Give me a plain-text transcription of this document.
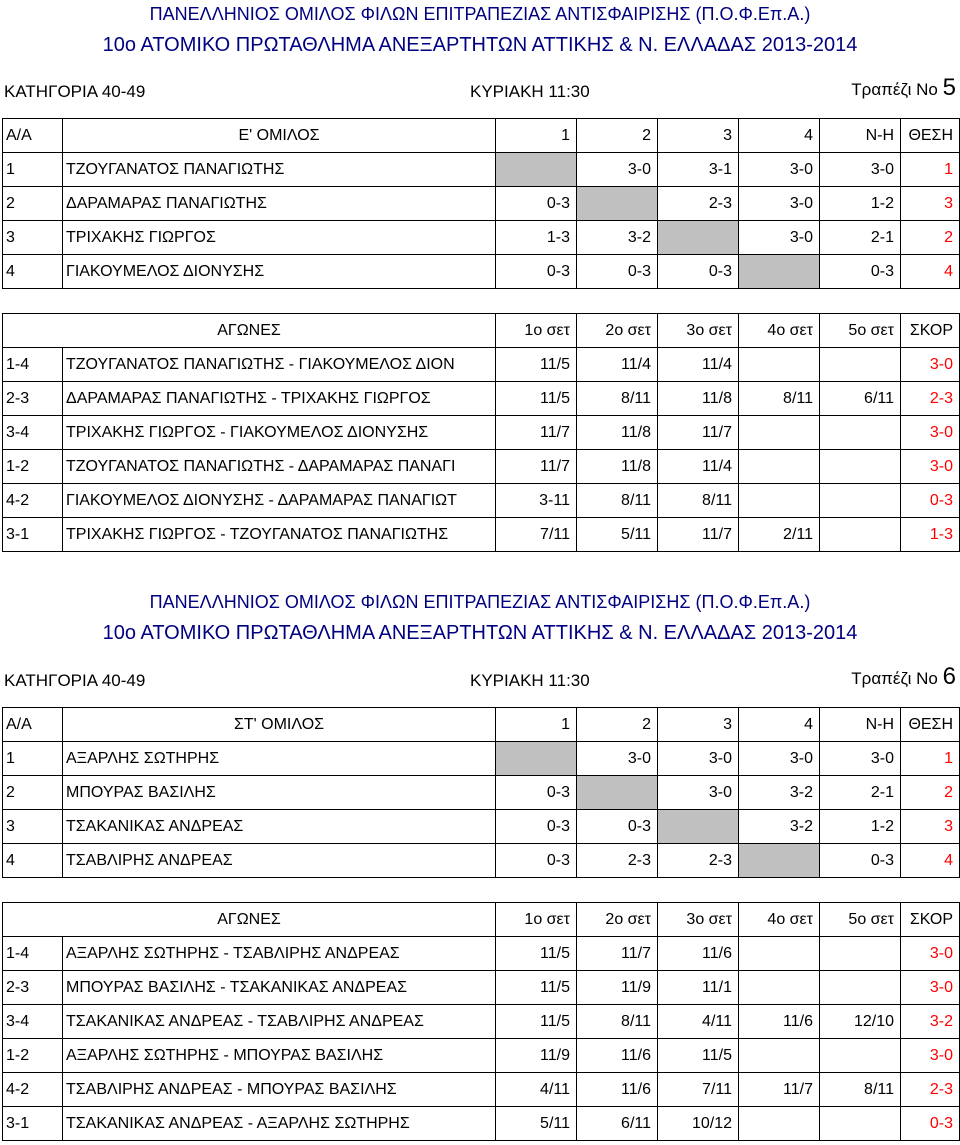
ΠΑΝΕΛΛΗΝΙΟΣ ΟΜΙΛΟΣ ΦΙΛΩΝ ΕΠΙΤΡΑΠΕΖΙΑΣ ΑΝΤΙΣΦΑΙΡΙΣΗΣ (Π.Ο.Φ.Επ.Α.)
10ο ΑΤΟΜΙΚΟ ΠΡΩΤΑΘΛΗΜΑ ΑΝΕΞΑΡΤΗΤΩΝ ΑΤΤΙΚΗΣ & Ν. ΕΛΛΑΔΑΣ 2013-2014
ΚΑΤΗΓΟΡΙΑ 40-49	ΚΥΡΙΑΚΗ 11:30	Τραπέζι Νο 5
Α/Α	Ε' ΟΜΙΛΟΣ	1	2	3	4	Ν-Η	ΘΕΣΗ
1	ΤΖΟΥΓΑΝΑΤΟΣ ΠΑΝΑΓΙΩΤΗΣ		3-0	3-1	3-0	3-0	1
2	ΔΑΡΑΜΑΡΑΣ ΠΑΝΑΓΙΩΤΗΣ	0-3		2-3	3-0	1-2	3
3	ΤΡΙΧΑΚΗΣ ΓΙΩΡΓΟΣ	1-3	3-2		3-0	2-1	2
4	ΓΙΑΚΟΥΜΕΛΟΣ ΔΙΟΝΥΣΗΣ	0-3	0-3	0-3		0-3	4
ΑΓΩΝΕΣ		1ο σετ	2ο σετ	3ο σετ	4ο σετ	5ο σετ	ΣΚΟΡ
1-4	ΤΖΟΥΓΑΝΑΤΟΣ ΠΑΝΑΓΙΩΤΗΣ - ΓΙΑΚΟΥΜΕΛΟΣ ΔΙΟΝ	11/5	11/4	11/4			3-0
2-3	ΔΑΡΑΜΑΡΑΣ ΠΑΝΑΓΙΩΤΗΣ - ΤΡΙΧΑΚΗΣ ΓΙΩΡΓΟΣ	11/5	8/11	11/8	8/11	6/11	2-3
3-4	ΤΡΙΧΑΚΗΣ ΓΙΩΡΓΟΣ - ΓΙΑΚΟΥΜΕΛΟΣ ΔΙΟΝΥΣΗΣ	11/7	11/8	11/7			3-0
1-2	ΤΖΟΥΓΑΝΑΤΟΣ ΠΑΝΑΓΙΩΤΗΣ - ΔΑΡΑΜΑΡΑΣ ΠΑΝΑΓΙ	11/7	11/8	11/4			3-0
4-2	ΓΙΑΚΟΥΜΕΛΟΣ ΔΙΟΝΥΣΗΣ - ΔΑΡΑΜΑΡΑΣ ΠΑΝΑΓΙΩΤ	3-11	8/11	8/11			0-3
3-1	ΤΡΙΧΑΚΗΣ ΓΙΩΡΓΟΣ - ΤΖΟΥΓΑΝΑΤΟΣ ΠΑΝΑΓΙΩΤΗΣ	7/11	5/11	11/7	2/11		1-3
ΠΑΝΕΛΛΗΝΙΟΣ ΟΜΙΛΟΣ ΦΙΛΩΝ ΕΠΙΤΡΑΠΕΖΙΑΣ ΑΝΤΙΣΦΑΙΡΙΣΗΣ (Π.Ο.Φ.Επ.Α.)
10ο ΑΤΟΜΙΚΟ ΠΡΩΤΑΘΛΗΜΑ ΑΝΕΞΑΡΤΗΤΩΝ ΑΤΤΙΚΗΣ & Ν. ΕΛΛΑΔΑΣ 2013-2014
ΚΑΤΗΓΟΡΙΑ 40-49	ΚΥΡΙΑΚΗ 11:30	Τραπέζι Νο 6
Α/Α	ΣΤ' ΟΜΙΛΟΣ	1	2	3	4	Ν-Η	ΘΕΣΗ
1	ΑΞΑΡΛΗΣ ΣΩΤΗΡΗΣ		3-0	3-0	3-0	3-0	1
2	ΜΠΟΥΡΑΣ ΒΑΣΙΛΗΣ	0-3		3-0	3-2	2-1	2
3	ΤΣΑΚΑΝΙΚΑΣ ΑΝΔΡΕΑΣ	0-3	0-3		3-2	1-2	3
4	ΤΣΑΒΛΙΡΗΣ ΑΝΔΡΕΑΣ	0-3	2-3	2-3		0-3	4
ΑΓΩΝΕΣ		1ο σετ	2ο σετ	3ο σετ	4ο σετ	5ο σετ	ΣΚΟΡ
1-4	ΑΞΑΡΛΗΣ ΣΩΤΗΡΗΣ - ΤΣΑΒΛΙΡΗΣ ΑΝΔΡΕΑΣ	11/5	11/7	11/6			3-0
2-3	ΜΠΟΥΡΑΣ ΒΑΣΙΛΗΣ - ΤΣΑΚΑΝΙΚΑΣ ΑΝΔΡΕΑΣ	11/5	11/9	11/1			3-0
3-4	ΤΣΑΚΑΝΙΚΑΣ ΑΝΔΡΕΑΣ - ΤΣΑΒΛΙΡΗΣ ΑΝΔΡΕΑΣ	11/5	8/11	4/11	11/6	12/10	3-2
1-2	ΑΞΑΡΛΗΣ ΣΩΤΗΡΗΣ - ΜΠΟΥΡΑΣ ΒΑΣΙΛΗΣ	11/9	11/6	11/5			3-0
4-2	ΤΣΑΒΛΙΡΗΣ ΑΝΔΡΕΑΣ - ΜΠΟΥΡΑΣ ΒΑΣΙΛΗΣ	4/11	11/6	7/11	11/7	8/11	2-3
3-1	ΤΣΑΚΑΝΙΚΑΣ ΑΝΔΡΕΑΣ - ΑΞΑΡΛΗΣ ΣΩΤΗΡΗΣ	5/11	6/11	10/12			0-3
